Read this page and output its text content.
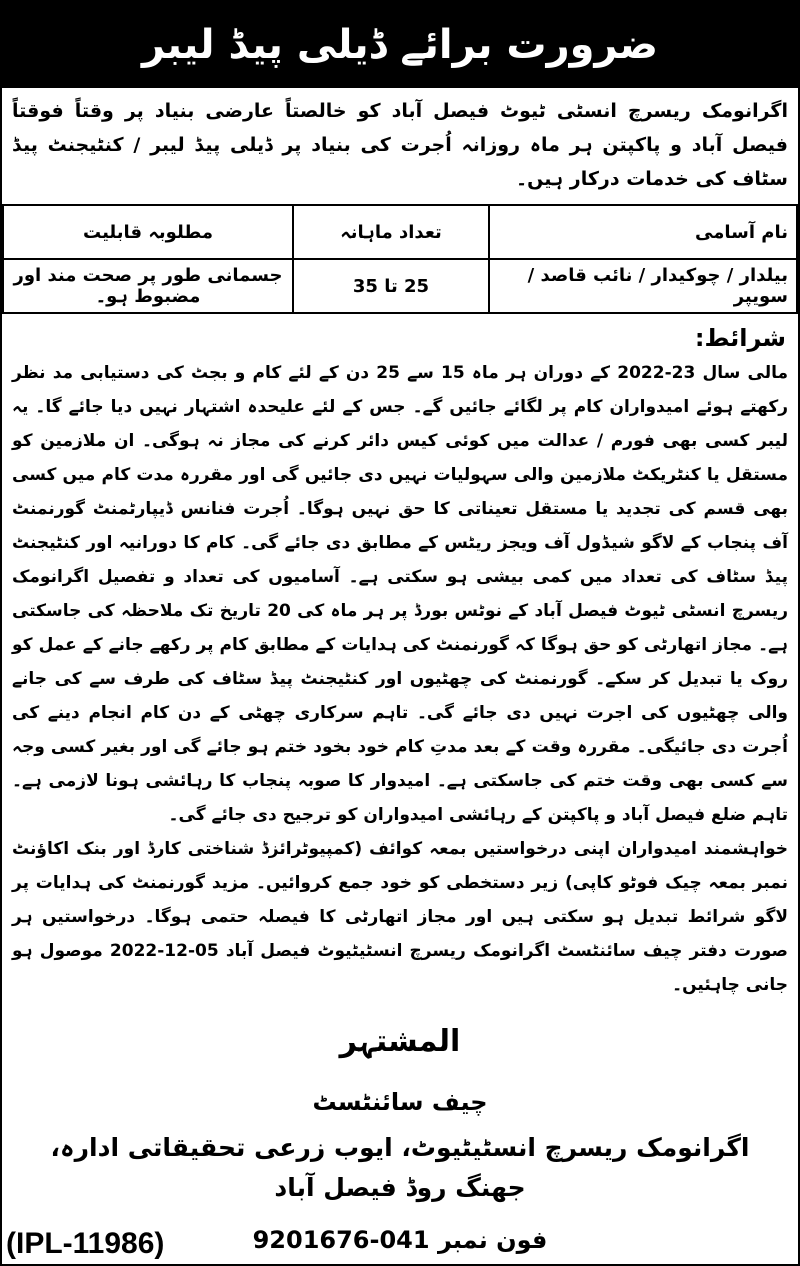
ضرورت برائے ڈیلی پیڈ لیبر
اگرانومک ریسرچ انسٹی ٹیوٹ فیصل آباد کو خالصتاً عارضی بنیاد پر وقتاً فوقتاً فیصل آباد و پاکپتن ہر ماہ روزانہ اُجرت کی بنیاد پر ڈیلی پیڈ لیبر / کنٹیجنٹ پیڈ سٹاف کی خدمات درکار ہیں۔
نام آسامی	تعداد ماہانہ	مطلوبہ قابلیت
بیلدار / چوکیدار / نائب قاصد / سویپر	25 تا 35	جسمانی طور پر صحت مند اور مضبوط ہو۔
شرائط:

مالی سال 23-2022 کے دوران ہر ماہ 15 سے 25 دن کے لئے کام و بجٹ کی دستیابی مد نظر رکھتے ہوئے امیدواران کام پر لگائے جائیں گے۔ جس کے لئے علیحدہ اشتہار نہیں دیا جائے گا۔ یہ لیبر کسی بھی فورم / عدالت میں کوئی کیس دائر کرنے کی مجاز نہ ہوگی۔ ان ملازمین کو مستقل یا کنٹریکٹ ملازمین والی سہولیات نہیں دی جائیں گی اور مقررہ مدت کام میں کسی بھی قسم کی تجدید یا مستقل تعیناتی کا حق نہیں ہوگا۔ اُجرت فنانس ڈیپارٹمنٹ گورنمنٹ آف پنجاب کے لاگو شیڈول آف ویجز ریٹس کے مطابق دی جائے گی۔ کام کا دورانیہ اور کنٹیجنٹ پیڈ سٹاف کی تعداد میں کمی بیشی ہو سکتی ہے۔ آسامیوں کی تعداد و تفصیل اگرانومک ریسرچ انسٹی ٹیوٹ فیصل آباد کے نوٹس بورڈ پر ہر ماہ کی 20 تاریخ تک ملاحظہ کی جاسکتی ہے۔ مجاز اتھارٹی کو حق ہوگا کہ گورنمنٹ کی ہدایات کے مطابق کام پر رکھے جانے کے عمل کو روک یا تبدیل کر سکے۔ گورنمنٹ کی چھٹیوں اور کنٹیجنٹ پیڈ سٹاف کی طرف سے کی جانے والی چھٹیوں کی اجرت نہیں دی جائے گی۔ تاہم سرکاری چھٹی کے دن کام انجام دینے کی اُجرت دی جائیگی۔ مقررہ وقت کے بعد مدتِ کام خود بخود ختم ہو جائے گی اور بغیر کسی وجہ سے کسی بھی وقت ختم کی جاسکتی ہے۔ امیدوار کا صوبہ پنجاب کا رہائشی ہونا لازمی ہے۔ تاہم ضلع فیصل آباد و پاکپتن کے رہائشی امیدواران کو ترجیح دی جائے گی۔

خواہشمند امیدواران اپنی درخواستیں بمعہ کوائف (کمپیوٹرائزڈ شناختی کارڈ اور بنک اکاؤنٹ نمبر بمعہ چیک فوٹو کاپی) زیر دستخطی کو خود جمع کروائیں۔ مزید گورنمنٹ کی ہدایات پر لاگو شرائط تبدیل ہو سکتی ہیں اور مجاز اتھارٹی کا فیصلہ حتمی ہوگا۔ درخواستیں ہر صورت دفتر چیف سائنٹسٹ اگرانومک ریسرچ انسٹیٹیوٹ فیصل آباد 05-12-2022 موصول ہو جانی چاہئیں۔

المشتہر
چیف سائنٹسٹ
اگرانومک ریسرچ انسٹیٹیوٹ، ایوب زرعی تحقیقاتی ادارہ، جھنگ روڈ فیصل آباد
(IPL-11986)	فون نمبر 041-9201676
